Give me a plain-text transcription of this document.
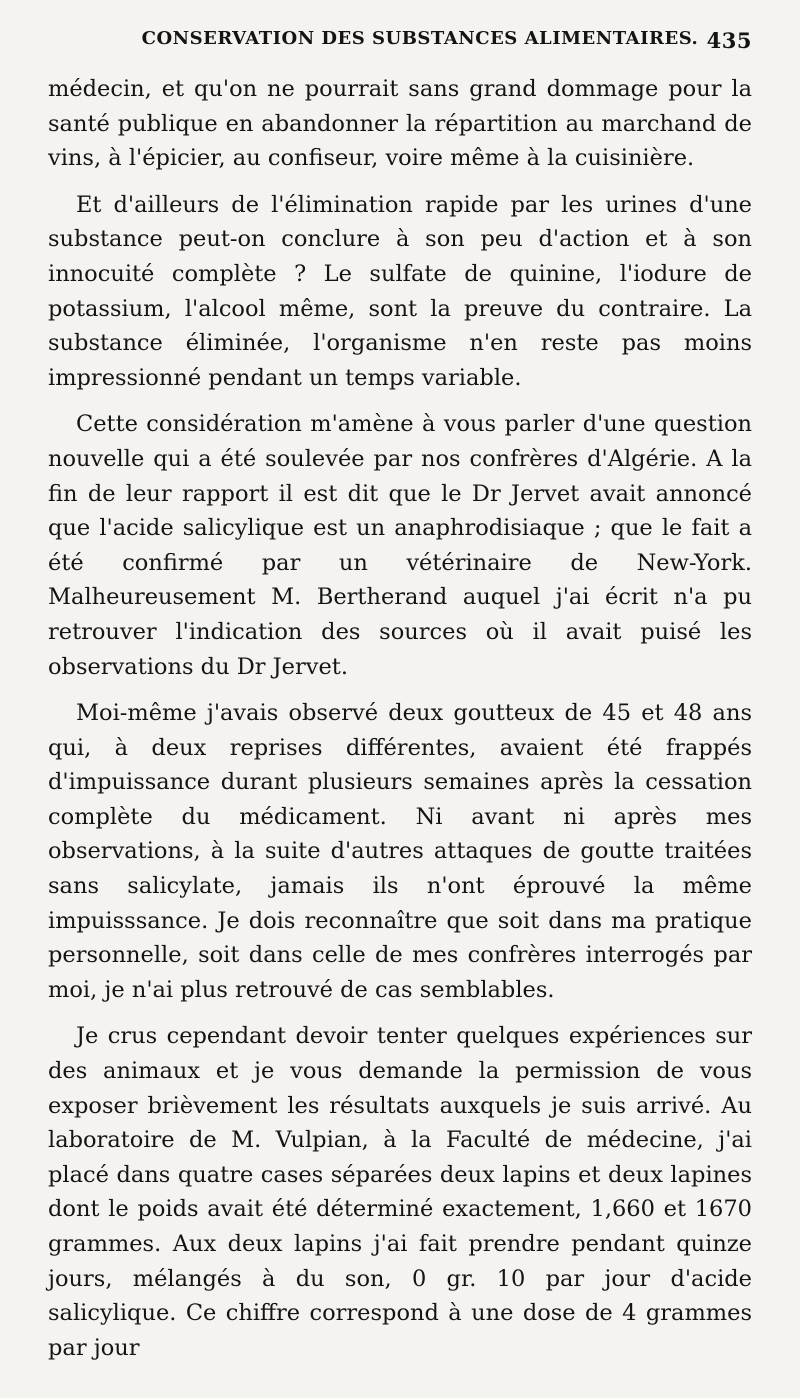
CONSERVATION DES SUBSTANCES ALIMENTAIRES. 435

médecin, et qu'on ne pourrait sans grand dommage pour la santé publique en abandonner la répartition au marchand de vins, à l'épicier, au confiseur, voire même à la cuisinière.

Et d'ailleurs de l'élimination rapide par les urines d'une substance peut-on conclure à son peu d'action et à son innocuité complète ? Le sulfate de quinine, l'iodure de potassium, l'alcool même, sont la preuve du contraire. La substance éliminée, l'organisme n'en reste pas moins impressionné pendant un temps variable.

Cette considération m'amène à vous parler d'une question nouvelle qui a été soulevée par nos confrères d'Algérie. A la fin de leur rapport il est dit que le Dr Jervet avait annoncé que l'acide salicylique est un anaphrodisiaque ; que le fait a été confirmé par un vétérinaire de New-York. Malheureusement M. Bertherand auquel j'ai écrit n'a pu retrouver l'indication des sources où il avait puisé les observations du Dr Jervet.

Moi-même j'avais observé deux goutteux de 45 et 48 ans qui, à deux reprises différentes, avaient été frappés d'impuissance durant plusieurs semaines après la cessation complète du médicament. Ni avant ni après mes observations, à la suite d'autres attaques de goutte traitées sans salicylate, jamais ils n'ont éprouvé la même impuisssance. Je dois reconnaître que soit dans ma pratique personnelle, soit dans celle de mes confrères interrogés par moi, je n'ai plus retrouvé de cas semblables.

Je crus cependant devoir tenter quelques expériences sur des animaux et je vous demande la permission de vous exposer brièvement les résultats auxquels je suis arrivé. Au laboratoire de M. Vulpian, à la Faculté de médecine, j'ai placé dans quatre cases séparées deux lapins et deux lapines dont le poids avait été déterminé exactement, 1,660 et 1670 grammes. Aux deux lapins j'ai fait prendre pendant quinze jours, mélangés à du son, 0 gr. 10 par jour d'acide salicylique. Ce chiffre correspond à une dose de 4 grammes par jour
